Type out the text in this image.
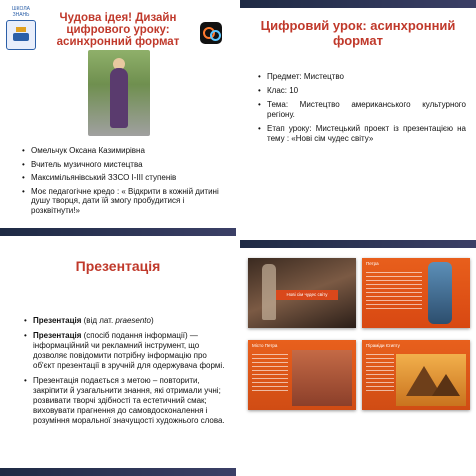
ШКОЛА ЗНАНЬ	Чудова ідея! Дизайн цифрового уроку: асинхронний формат
• Омельчук Оксана Казимирівна
• Вчитель музичного мистецтва
• Максимільянівський ЗЗСО І-ІІІ ступенів
• Моє педагогічне кредо : « Відкрити в кожній дитині душу творця, дати їй змогу пробудитися і розквітнути!»
Цифровий урок: асинхронний формат
• Предмет: Мистецтво
• Клас: 10
• Тема: Мистецтво американського культурного регіону.
• Етап уроку: Мистецький проект із презентацією на тему : «Нові сім чудес світу»
Презентація
• Презентація (від лат. praesento)
• Презентація (спосіб подання інформації) — інформаційний чи рекламний інструмент, що дозволяє повідомити потрібну інформацію про об'єкт презентації в зручній для одержувача формі.
• Презентація подається з метою – повторити, закріпити й узагальнити знання, які отримали учні; розвивати творчі здібності та естетичний смак; виховувати прагнення до самовдосконалення і розуміння моральної значущості художнього слова.
Нові сім чудес світу
Петра
Місто Петра	Піраміди Єгипту
